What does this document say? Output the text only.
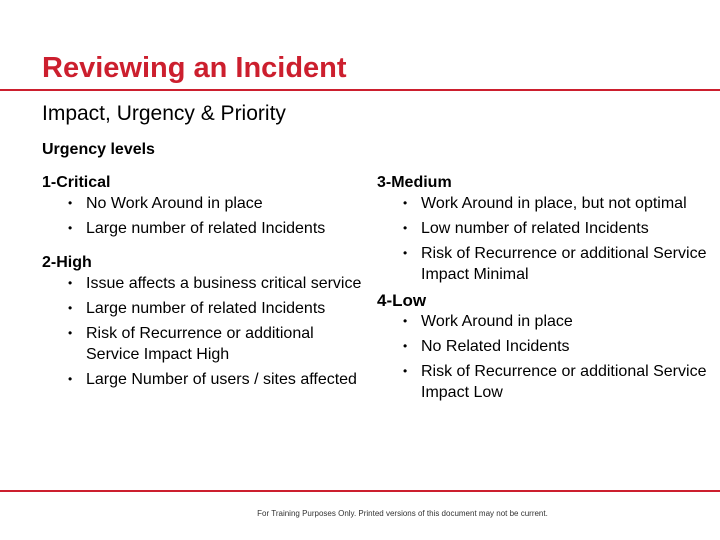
Reviewing an Incident
Impact, Urgency & Priority
Urgency levels

1-Critical

• No Work Around in place
• Large number of related Incidents

2-High

• Issue affects a business critical service
• Large number of related Incidents
• Risk of Recurrence or additional Service Impact High
• Large Number of users / sites affected

3-Medium

• Work Around in place, but not optimal
• Low number of related Incidents
• Risk of Recurrence or additional Service Impact Minimal

4-Low

• Work Around in place
• No Related Incidents
• Risk of Recurrence or additional Service Impact Low
For Training Purposes Only. Printed versions of this document may not be current.
